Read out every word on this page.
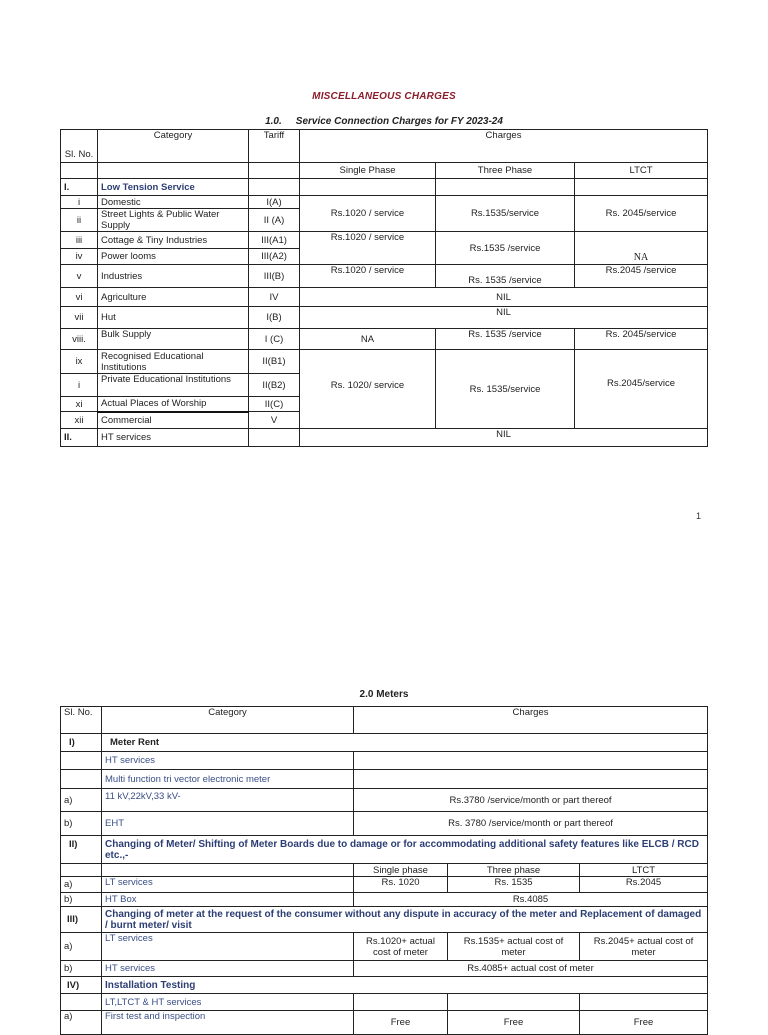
MISCELLANEOUS CHARGES
1.0. Service Connection Charges for FY 2023-24
Sl. No.	Category	Tariff	Charges		
			Single Phase	Three Phase	LTCT
I.	Low Tension Service				
i	Domestic	I(A)	Rs.1020 / service	Rs.1535/service	Rs. 2045/service
ii	Street Lights & Public Water Supply	II (A)			
iii	Cottage & Tiny Industries	III(A1)	Rs.1020 / service	Rs.1535 /service	NA
iv	Power looms	III(A2)			
v	Industries	III(B)	Rs.1020 / service	Rs. 1535 /service	Rs.2045 /service
vi	Agriculture	IV	NIL		
vii	Hut	I(B)	NIL		
viii.	Bulk Supply	I (C)	NA	Rs. 1535 /service	Rs. 2045/service
ix	Recognised Educational Institutions	II(B1)	Rs. 1020/ service	Rs. 1535/service	Rs.2045/service
i	Private Educational Institutions	II(B2)			
xi	Actual Places of Worship	II(C)			
xii	Commercial	V			
II.	HT services		NIL		
1
2.0 Meters
Sl. No.	Category	Charges		
I)	Meter Rent			
	HT services			
	Multi function tri vector electronic meter			
a)	11 kV,22kV,33 kV-	Rs.3780 /service/month or part thereof		
b)	EHT	Rs. 3780 /service/month or part thereof		
II)	Changing of Meter/ Shifting of Meter Boards due to damage or for accommodating additional safety features like ELCB / RCD etc.,-			
		Single phase	Three phase	LTCT
a)	LT services	Rs. 1020	Rs. 1535	Rs.2045
b)	HT Box	Rs.4085		
III)	Changing of meter at the request of the consumer without any dispute in accuracy of the meter and Replacement of damaged / burnt meter/ visit			
a)	LT services	Rs.1020+ actual cost of meter	Rs.1535+ actual cost of meter	Rs.2045+ actual cost of meter
b)	HT services	Rs.4085+ actual cost of meter		
IV)	Installation Testing			
	LT,LTCT & HT services			
a)	First test and inspection	Free	Free	Free
